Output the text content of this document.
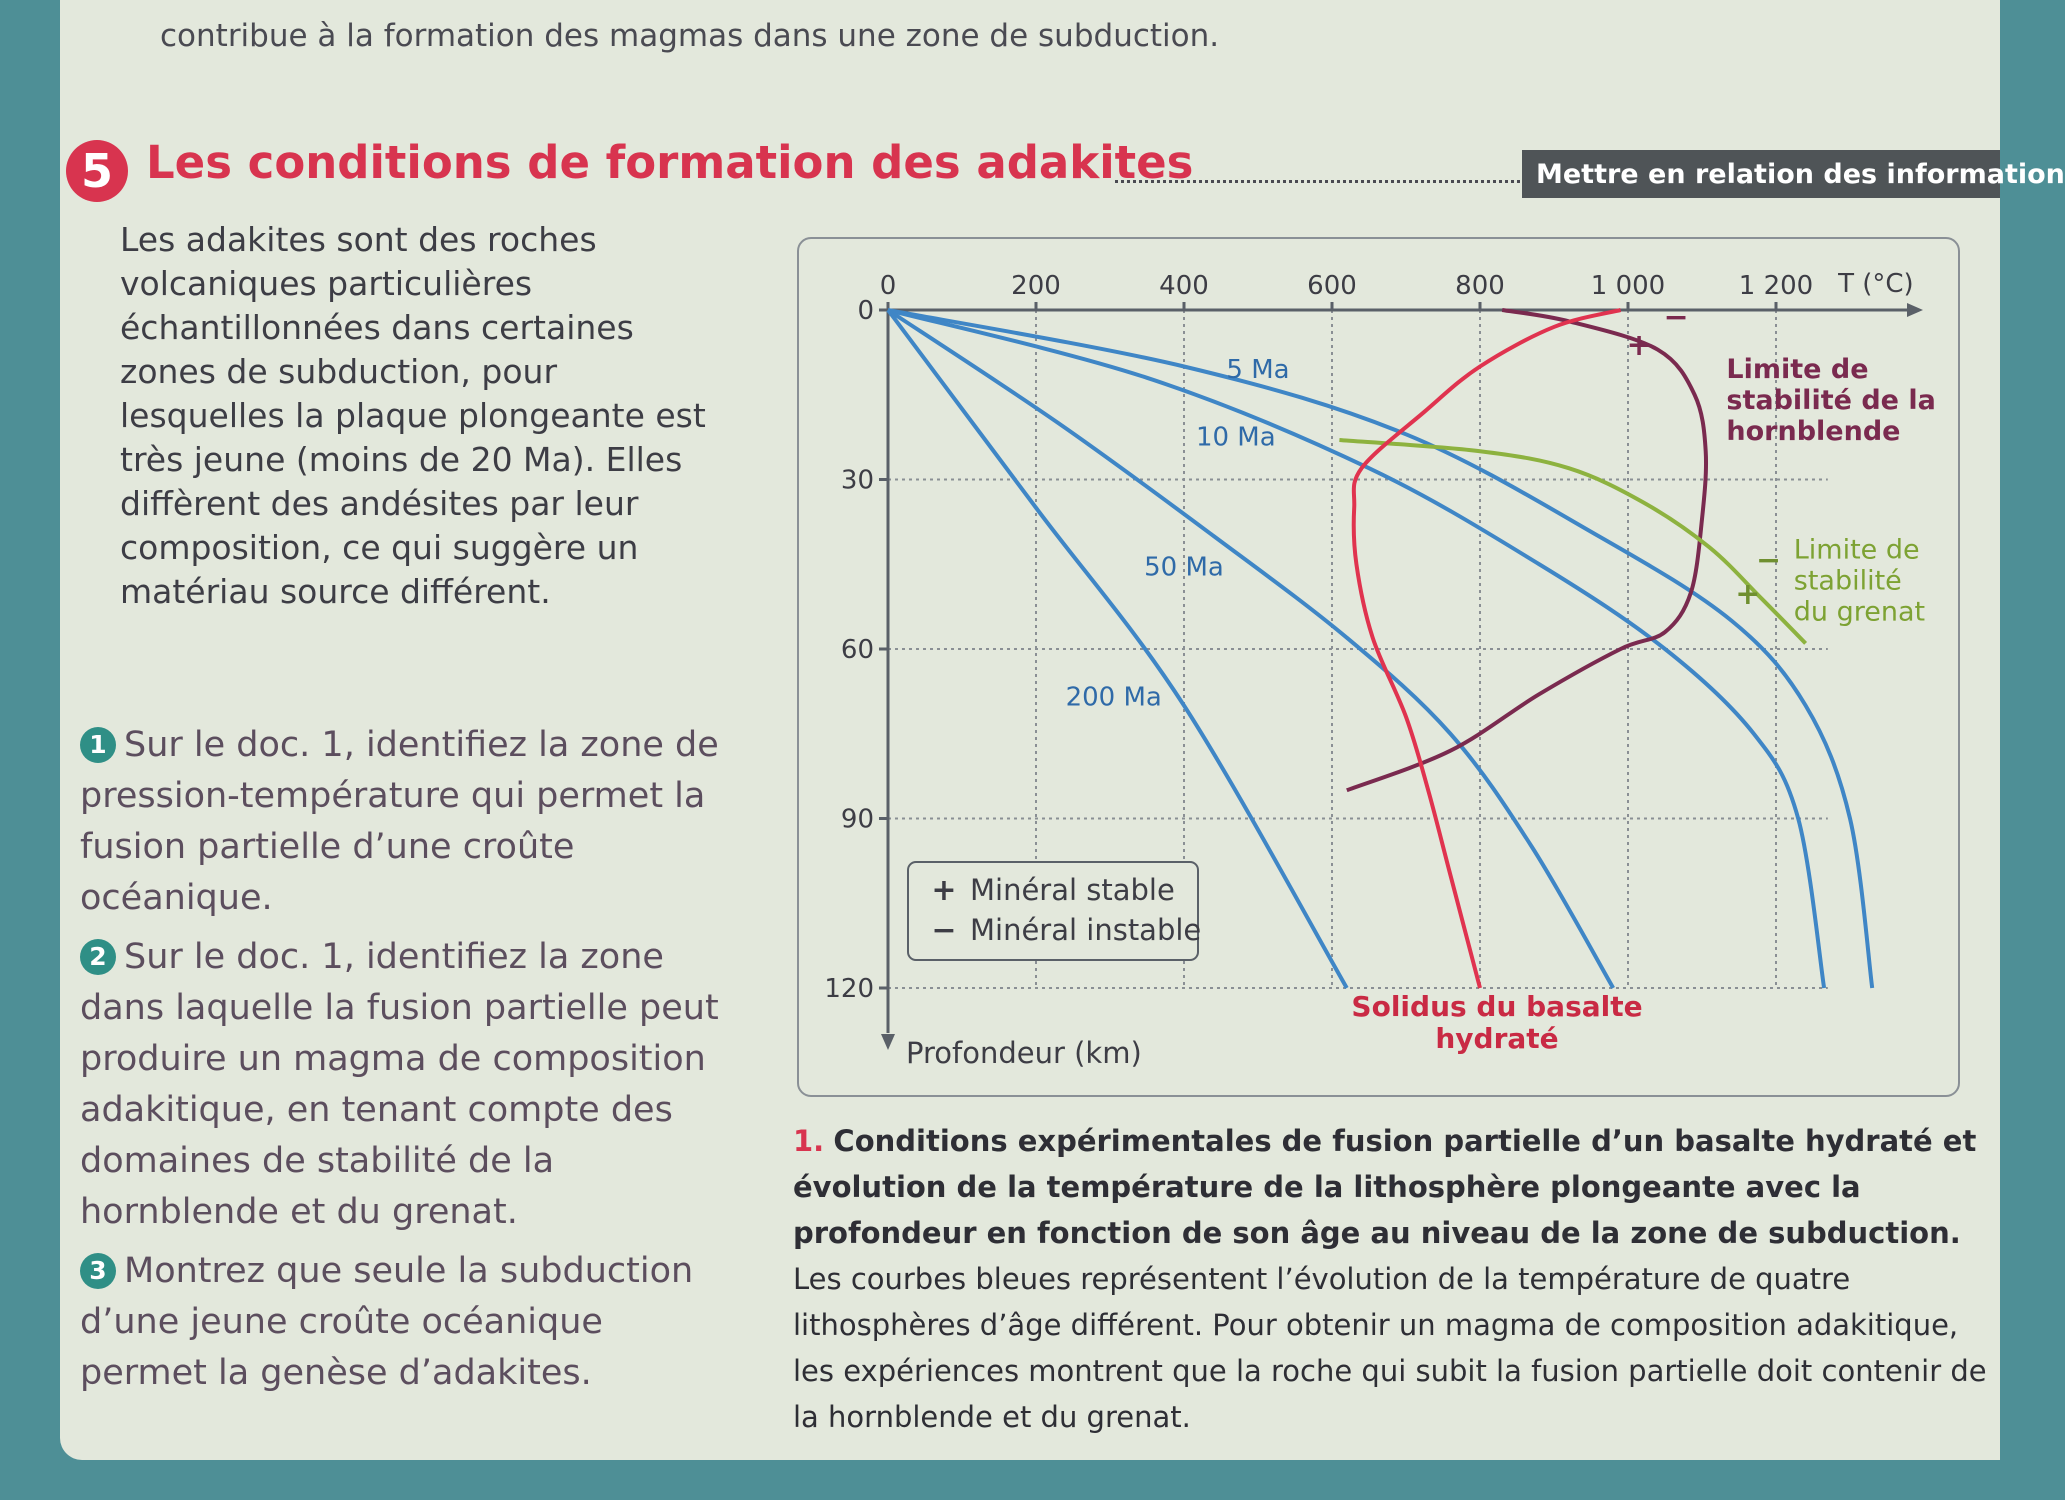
contribue à la formation des magmas dans une zone de subduction.
5 Les conditions de formation des adakites	Mettre en relation des information
Les adakites sont des roches volcaniques particulières échantillonnées dans certaines zones de subduction, pour lesquelles la plaque plongeante est très jeune (moins de 20 Ma). Elles diffèrent des andésites par leur composition, ce qui suggère un matériau source différent.
1 Sur le doc. 1, identifiez la zone de pression-température qui permet la fusion partielle d’une croûte océanique.
2 Sur le doc. 1, identifiez la zone dans laquelle la fusion partielle peut produire un magma de composition adakitique, en tenant compte des domaines de stabilité de la hornblende et du grenat.
3 Montrez que seule la subduction d’une jeune croûte océanique permet la genèse d’adakites.
0	200	400	600	800	1 000	1 200 T (°C)
0
30
60
90
120
Profondeur (km)
5 Ma
10 Ma
50 Ma
200 Ma
+
−
+
−
Limite de
stabilité de la
hornblende
Limite de
stabilité
du grenat
Solidus du basalte
hydraté
+ Minéral stable
− Minéral instable
1. Conditions expérimentales de fusion partielle d’un basalte hydraté et évolution de la température de la lithosphère plongeante avec la profondeur en fonction de son âge au niveau de la zone de subduction. Les courbes bleues représentent l’évolution de la température de quatre lithosphères d’âge différent. Pour obtenir un magma de composition adakitique, les expériences montrent que la roche qui subit la fusion partielle doit contenir de la hornblende et du grenat.
